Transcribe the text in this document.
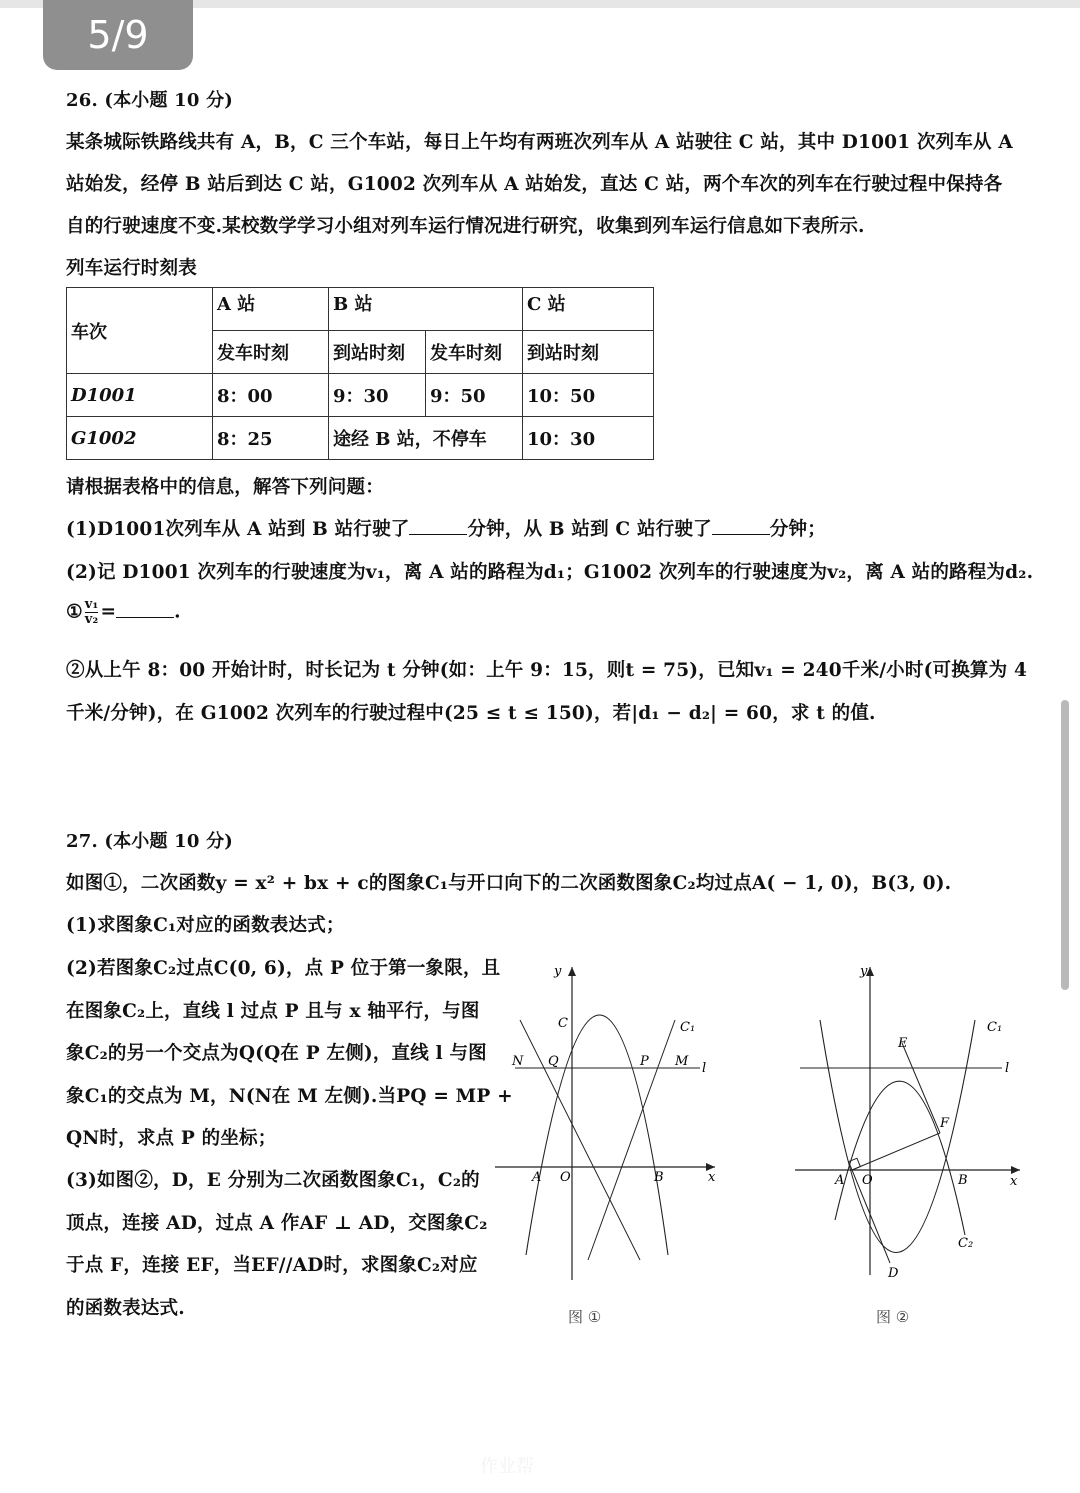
5/9
26. (本小题 10 分)
某条城际铁路线共有 A，B，C 三个车站，每日上午均有两班次列车从 A 站驶往 C 站，其中 D1001 次列车从 A
站始发，经停 B 站后到达 C 站，G1002 次列车从 A 站始发，直达 C 站，两个车次的列车在行驶过程中保持各
自的行驶速度不变.某校数学学习小组对列车运行情况进行研究，收集到列车运行信息如下表所示.
列车运行时刻表
车次	A 站	B 站		C 站
	发车时刻	到站时刻	发车时刻	到站时刻
D1001	8：00	9：30	9：50	10：50
G1002	8：25	途经 B 站，不停车		10：30
请根据表格中的信息，解答下列问题：
(1)D1001次列车从 A 站到 B 站行驶了	分钟，从 B 站到 C 站行驶了	分钟；
(2)记 D1001 次列车的行驶速度为v₁，离 A 站的路程为d₁；G1002 次列车的行驶速度为v₂，离 A 站的路程为d₂.
① $\frac{\text{v₁}}{\text{v₂}}$ =	.
②从上午 8：00 开始计时，时长记为 t 分钟(如：上午 9：15，则t = 75)，已知v₁ = 240千米/小时(可换算为 4
千米/分钟)，在 G1002 次列车的行驶过程中(25 ≤ t ≤ 150)，若|d₁ − d₂| = 60，求 t 的值.
27. (本小题 10 分)
如图①，二次函数y = x² + bx + c的图象C₁与开口向下的二次函数图象C₂均过点A( − 1, 0)，B(3, 0).
(1)求图象C₁对应的函数表达式；
(2)若图象C₂过点C(0, 6)，点 P 位于第一象限，且
在图象C₂上，直线 l 过点 P 且与 x 轴平行，与图
象C₂的另一个交点为Q(Q在 P 左侧)，直线 l 与图
象C₁的交点为 M，N(N在 M 左侧).当PQ = MP +
QN时，求点 P 的坐标；
(3)如图②，D，E 分别为二次函数图象C₁，C₂的
顶点，连接 AD，过点 A 作AF ⊥ AD，交图象C₂
于点 F，连接 EF，当EF//AD时，求图象C₂对应
的函数表达式.
y
x
C	C₁
N Q	P M l
A O	B
图 ①
y
x
C₁
E
l
F
A O	B
C₂
D
图 ②
作业帮
